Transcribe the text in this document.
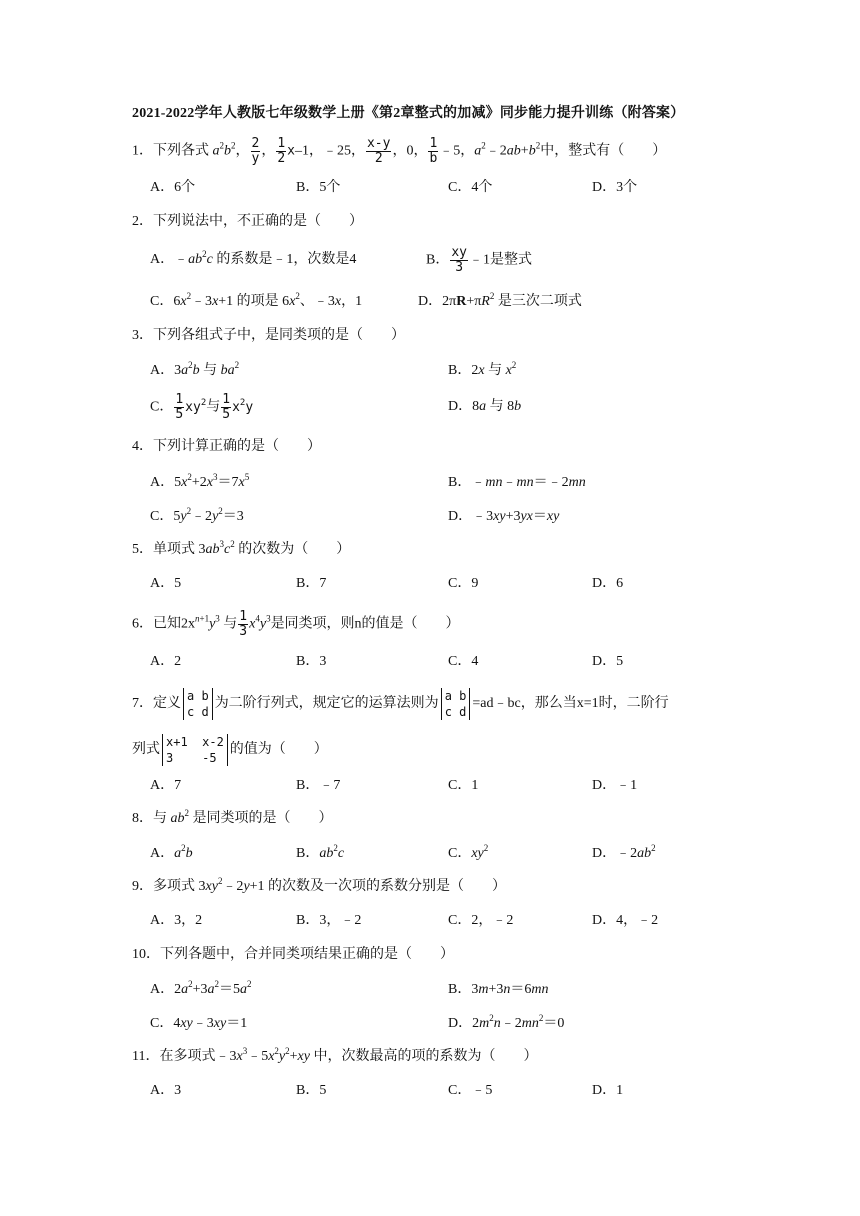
2021-2022学年人教版七年级数学上册《第2章整式的加减》同步能力提升训练（附答案）
1．下列各式 $a^2b^2$， $\frac{2}{y}$ ， $\frac{1}{2} x-1$，﹣25， $\frac{x-y}{2}$ ，0， $\frac{1}{b}$ ﹣5，$a^2﹣2ab+b^2$中，整式有（　　）
A．6个	B．5个	C．4个	D．3个
2．下列说法中，不正确的是（　　）
A．$﹣ab^2c$ 的系数是﹣1，次数是4	B． $\frac{xy}{3}$ ﹣1是整式
C．$6x^2﹣3x+1$ 的项是 $6x^2$、﹣3x，1	D．$2\pi R+\pi R^2$ 是三次二项式
3．下列各组式子中，是同类项的是（　　）
A．$3a^2b$ 与 $ba^2$	B．2x 与 $x^2$
C． $\frac{1}{5} xy^2$与 $\frac{1}{5} x^2y$	D．8a 与 8b
4．下列计算正确的是（　　）
A．$5x^2+2x^3=7x^5$	B．﹣mn﹣mn＝﹣2mn
C．$5y^2﹣2y^2=3$	D．﹣3xy+3yx＝xy
5．单项式 $3ab^3c^2$ 的次数为（　　）
A．5	B．7	C．9	D．6
6．已知$2x^{n+1}y^3$ 与 $\frac{1}{3} x^4y^3$是同类项，则n的值是（　　）
A．2	B．3	C．4	D．5
7．定义
a b
c d
为二阶行列式，规定它的运算法则为
a b
c d
=ad﹣bc，那么当x=1时，二阶行
列式
x+1  x-2
3    -5
的值为（　　）
A．7	B．﹣7	C．1	D．﹣1
8．与 $ab^2$ 是同类项的是（　　）
A．$a^2b$	B．$ab^2c$	C．$xy^2$	D．$﹣2ab^2$
9．多项式 $3xy^2﹣2y+1$ 的次数及一次项的系数分别是（　　）
A．3，2	B．3，﹣2	C．2，﹣2	D．4，﹣2
10．下列各题中，合并同类项结果正确的是（　　）
A．$2a^2+3a^2=5a^2$	B．3m+3n＝6mn
C．4xy﹣3xy＝1	D．$2m^2n﹣2mn^2=0$
11．在多项式$﹣3x^3﹣5x^2y^2+xy$ 中，次数最高的项的系数为（　　）
A．3	B．5	C．﹣5	D．1
